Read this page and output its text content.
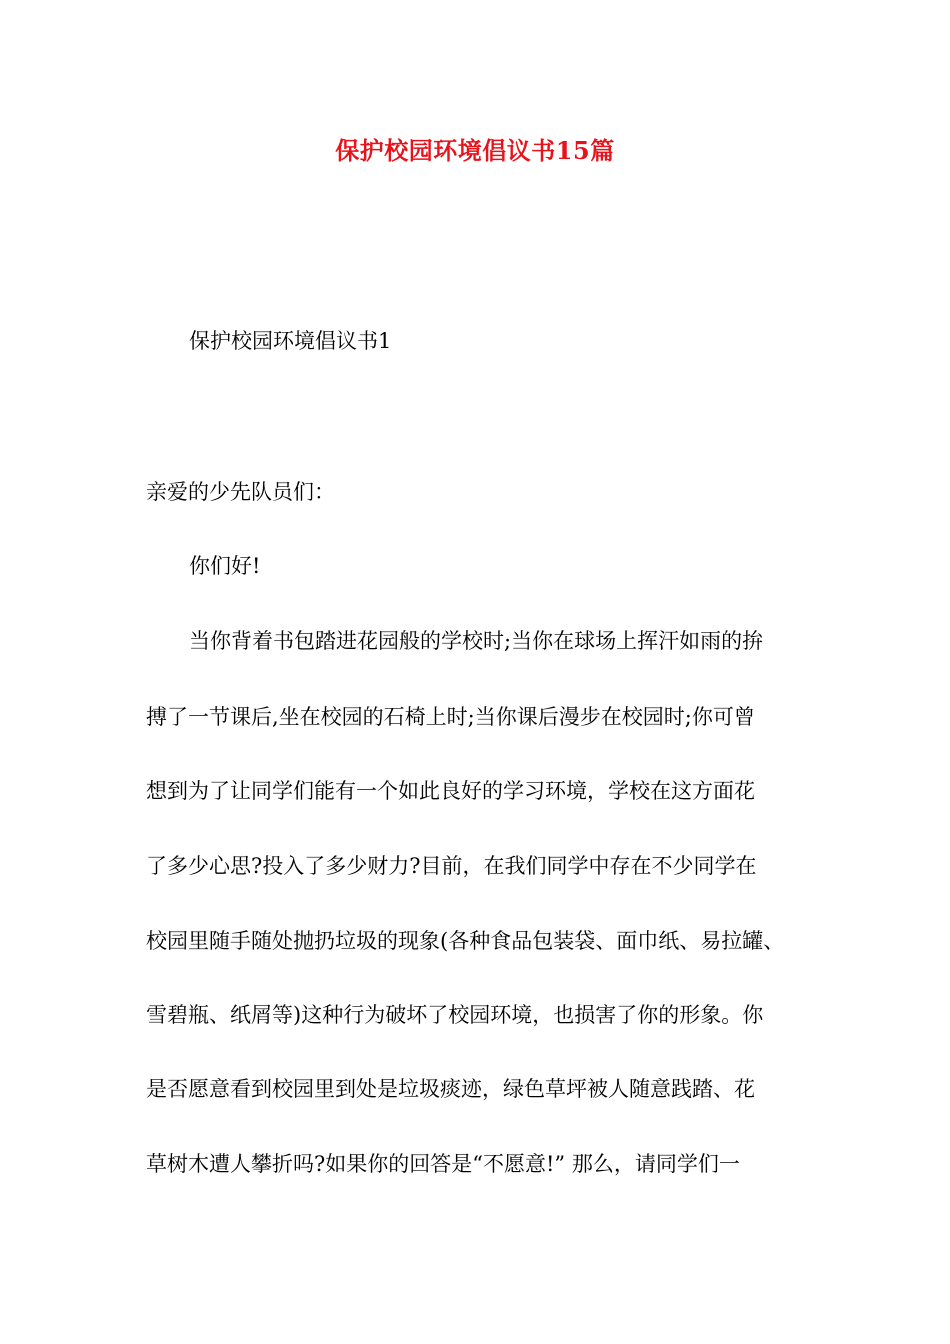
保护校园环境倡议书15篇

保护校园环境倡议书1

亲爱的少先队员们：

你们好!

当你背着书包踏进花园般的学校时;当你在球场上挥汗如雨的拚

搏了一节课后,坐在校园的石椅上时;当你课后漫步在校园时;你可曾

想到为了让同学们能有一个如此良好的学习环境，学校在这方面花

了多少心思?投入了多少财力?目前，在我们同学中存在不少同学在

校园里随手随处抛扔垃圾的现象(各种食品包装袋、面巾纸、易拉罐、

雪碧瓶、纸屑等)这种行为破坏了校园环境，也损害了你的形象。你

是否愿意看到校园里到处是垃圾痰迹，绿色草坪被人随意践踏、花

草树木遭人攀折吗?如果你的回答是“不愿意!” 那么，请同学们一
